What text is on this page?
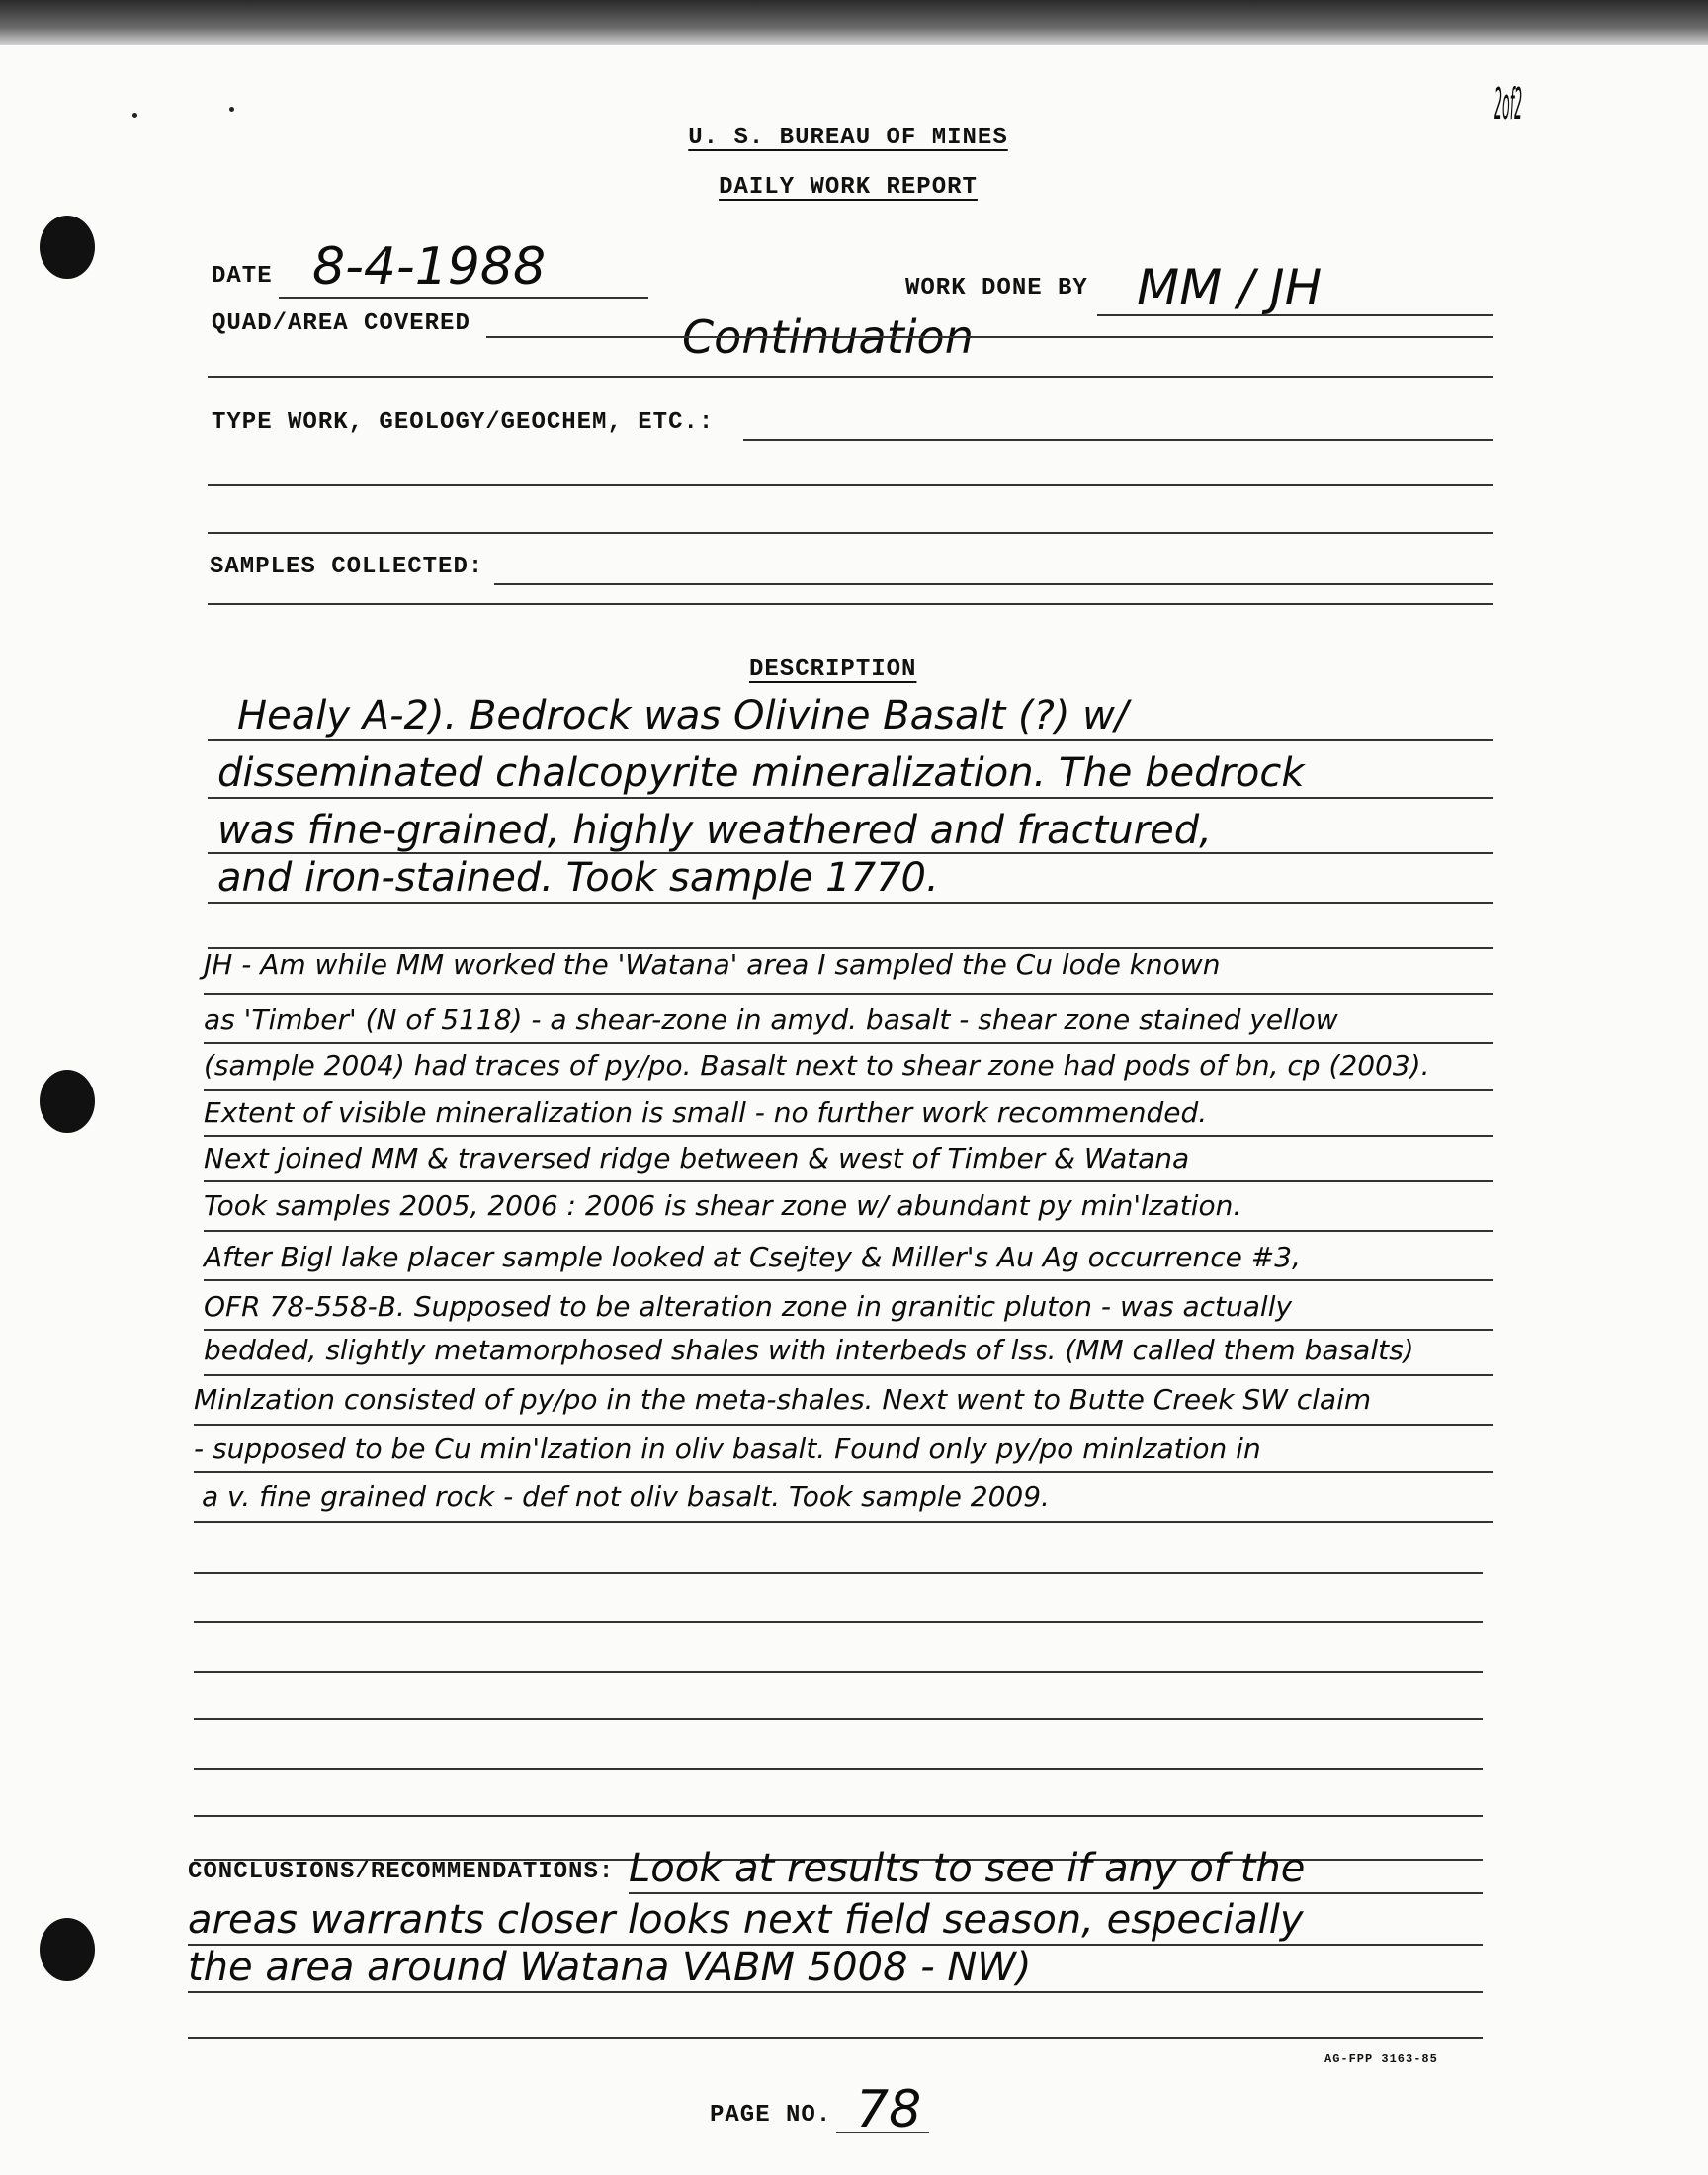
2of2
U. S. BUREAU OF MINES
DAILY WORK REPORT
DATE 8-4-1988	WORK DONE BY MM / JH
QUAD/AREA COVERED	Continuation
TYPE WORK, GEOLOGY/GEOCHEM, ETC.:
SAMPLES COLLECTED:
DESCRIPTION
Healy A-2). Bedrock was Olivine Basalt (?) w/
disseminated chalcopyrite mineralization. The bedrock
was fine-grained, highly weathered and fractured,
and iron-stained. Took sample 1770.
JH - Am while MM worked the 'Watana' area I sampled the Cu lode known
as 'Timber' (N of 5118) - a shear-zone in amyd. basalt - shear zone stained yellow
(sample 2004) had traces of py/po. Basalt next to shear zone had pods of bn, cp (2003).
Extent of visible mineralization is small - no further work recommended.
Next joined MM & traversed ridge between & west of Timber & Watana
Took samples 2005, 2006 : 2006 is shear zone w/ abundant py min'lzation.
After Bigl lake placer sample looked at Csejtey & Miller's Au Ag occurrence #3,
OFR 78-558-B. Supposed to be alteration zone in granitic pluton - was actually
bedded, slightly metamorphosed shales with interbeds of lss. (MM called them basalts)
Minlzation consisted of py/po in the meta-shales. Next went to Butte Creek SW claim
- supposed to be Cu min'lzation in oliv basalt. Found only py/po minlzation in
a v. fine grained rock - def not oliv basalt. Took sample 2009.
CONCLUSIONS/RECOMMENDATIONS: Look at results to see if any of the
areas warrants closer looks next field season, especially
the area around Watana VABM 5008 - NW)
AG-FPP 3163-85
PAGE NO. 78
